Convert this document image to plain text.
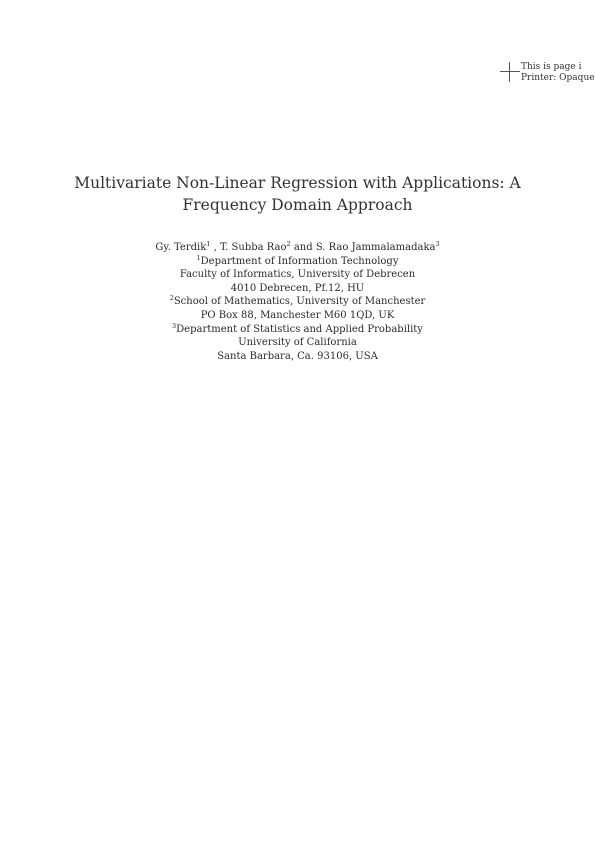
This is page i
Printer: Opaque
Multivariate Non-Linear Regression with Applications: A
Frequency Domain Approach
Gy. Terdik$^1$ , T. Subba Rao$^2$ and S. Rao Jammalamadaka$^3$
$^1$Department of Information Technology
Faculty of Informatics, University of Debrecen
4010 Debrecen, Pf.12, HU
$^2$School of Mathematics, University of Manchester
PO Box 88, Manchester M60 1QD, UK
$^3$Department of Statistics and Applied Probability
University of California
Santa Barbara, Ca. 93106, USA
